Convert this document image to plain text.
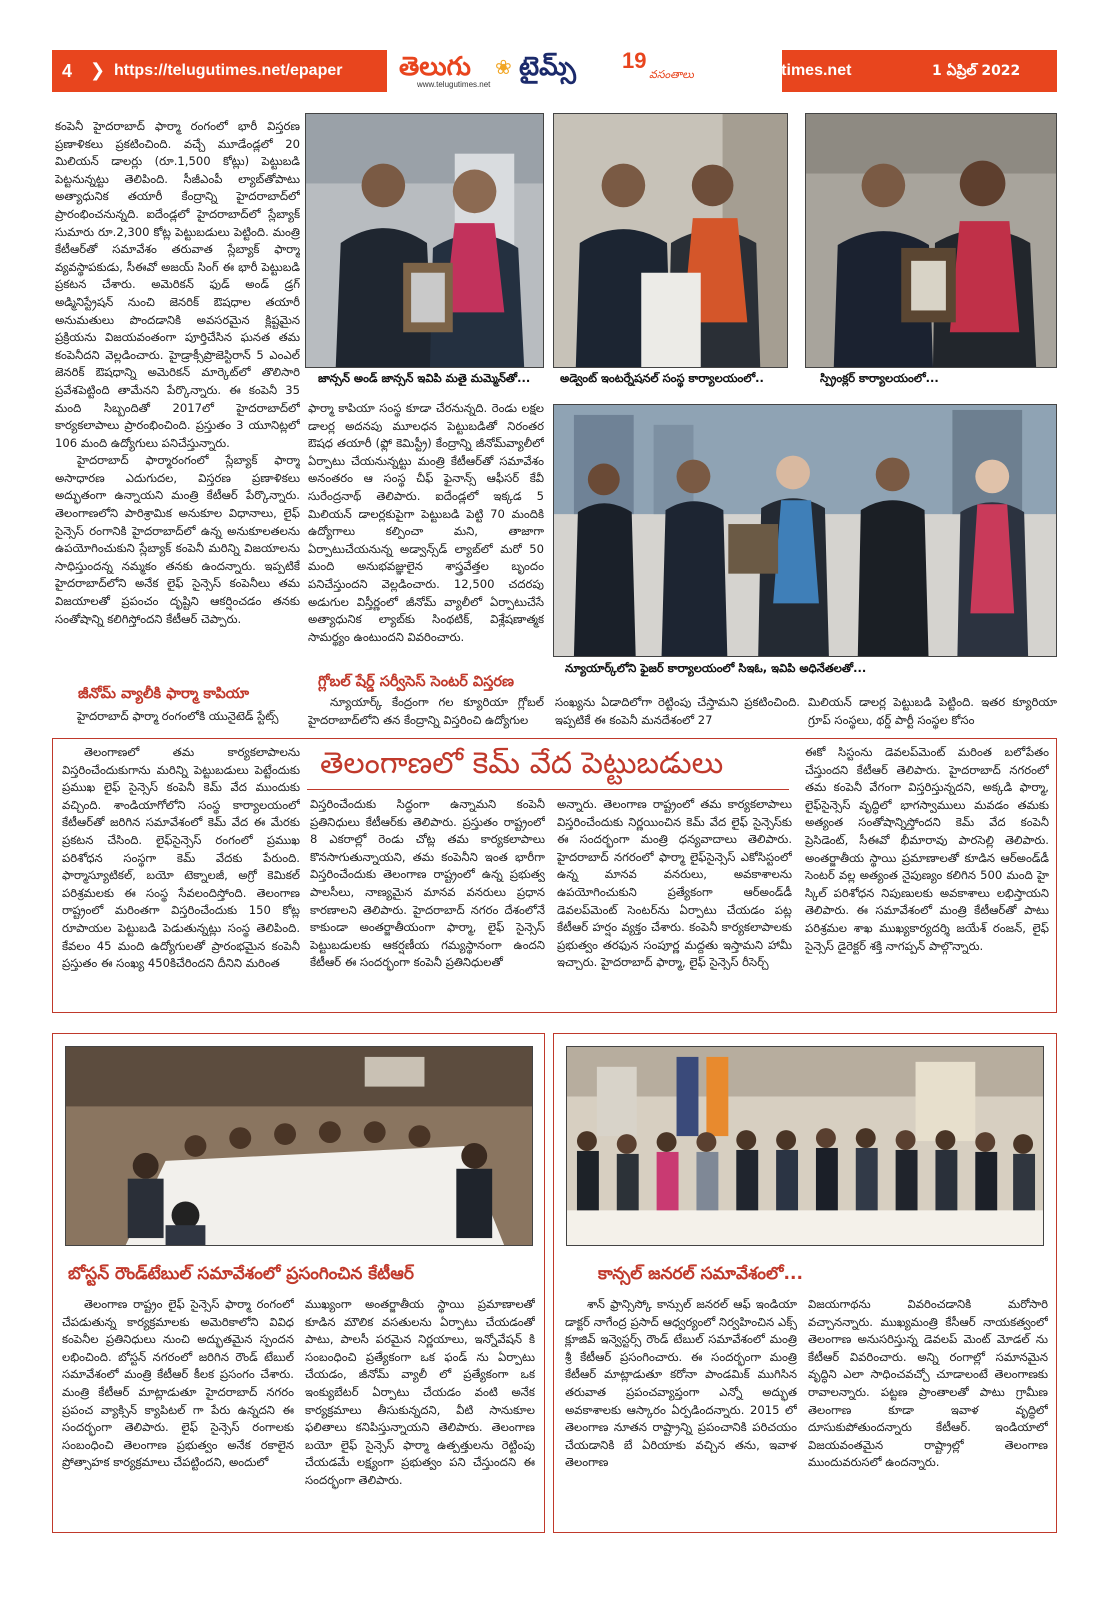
4 ❯ https://telugutimes.net/epaper తెలుగు ❀ టైమ్స్
www.telugutimes.net
19
వసంతాలు
www.telugutimes.net	1 ఏప్రిల్ 2022

కంపెనీ హైదరాబాద్ ఫార్మా రంగంలో భారీ విస్తరణ ప్రణాళికలు ప్రకటించింది. వచ్చే మూడేండ్లలో 20 మిలియన్ డాలర్లు (రూ.1,500 కోట్లు) పెట్టుబడి పెట్టనున్నట్టు తెలిపింది. సీజీఎంపీ ల్యాబ్‌తోపాటు అత్యాధునిక తయారీ కేంద్రాన్ని హైదరాబాద్‌లో ప్రారంభించనున్నది. ఐదేండ్లలో హైదరాబాద్‌లో స్లేబ్యాక్ సుమారు రూ.2,300 కోట్ల పెట్టుబడులు పెట్టింది. మంత్రి కేటీఆర్‌తో సమావేశం తరువాత స్లేబ్యాక్ ఫార్మా వ్యవస్థాపకుడు, సీఈవో అజయ్ సింగ్ ఈ భారీ పెట్టుబడి ప్రకటన చేశారు. అమెరికన్ ఫుడ్ అండ్ డ్రగ్ అడ్మినిస్ట్రేషన్ నుంచి జెనరిక్ ఔషధాల తయారీ అనుమతులు పొందడానికి అవసరమైన క్లిష్టమైన ప్రక్రియను విజయవంతంగా పూర్తిచేసిన ఘనత తమ కంపెనీదని వెల్లడించారు. హైడ్రాక్సీప్రొజెస్టిరాన్ 5 ఎంఎల్ జెనరిక్ ఔషధాన్ని అమెరికన్ మార్కెట్‌లో తొలిసారి ప్రవేశపెట్టింది తామేనని పేర్కొన్నారు. ఈ కంపెనీ 35 మంది సిబ్బందితో 2017లో హైదరాబాద్‌లో కార్యకలాపాలు ప్రారంభించింది. ప్రస్తుతం 3 యూనిట్లలో 106 మంది ఉద్యోగులు పనిచేస్తున్నారు.

హైదరాబాద్ ఫార్మారంగంలో స్లేబ్యాక్ ఫార్మా అసాధారణ ఎదుగుదల, విస్తరణ ప్రణాళికలు అద్భుతంగా ఉన్నాయని మంత్రి కేటీఆర్ పేర్కొన్నారు. తెలంగాణలోని పారిశ్రామిక అనుకూల విధానాలు, లైఫ్ సైన్సెస్ రంగానికి హైదరాబాద్‌లో ఉన్న అనుకూలతలను ఉపయోగించుకుని స్లేబ్యాక్ కంపెనీ మరిన్ని విజయాలను సాధిస్తుందన్న నమ్మకం తనకు ఉందన్నారు. ఇప్పటికే హైదరాబాద్‌లోని అనేక లైఫ్ సైన్సెస్ కంపెనీలు తమ విజయాలతో ప్రపంచం దృష్టిని ఆకర్షించడం తనకు సంతోషాన్ని కలిగిస్తోందని కేటీఆర్ చెప్పారు.

జీనోమ్ వ్యాలీకి ఫార్మా కాపియా
హైదరాబాద్ ఫార్మా రంగంలోకి యునైటెడ్ స్టేట్స్
జాన్సన్ అండ్ జాన్సన్ ఇవిపి మతై మమ్మెన్‌తో...	అడ్వెంట్ ఇంటర్నేషనల్ సంస్థ కార్యాలయంలో..	స్ప్రింక్లర్ కార్యాలయంలో...

ఫార్మా కాపియా సంస్థ కూడా చేరనున్నది. రెండు లక్షల డాలర్ల అదనపు మూలధన పెట్టుబడితో నిరంతర ఔషధ తయారీ (ఫ్లో కెమిస్ట్రీ) కేంద్రాన్ని జీనోమ్‌వ్యాలీలో ఏర్పాటు చేయనున్నట్టు మంత్రి కేటీఆర్‌తో సమావేశం అనంతరం ఆ సంస్థ చీఫ్ ఫైనాన్స్ ఆఫీసర్ కేవీ సురేంద్రనాథ్ తెలిపారు. ఐదేండ్లలో ఇక్కడ 5 మిలియన్ డాలర్లకుపైగా పెట్టుబడి పెట్టి 70 మందికి ఉద్యోగాలు కల్పించా మని, తాజాగా ఏర్పాటుచేయనున్న అడ్వాన్స్‌డ్ ల్యాబ్‌లో మరో 50 మంది అనుభవజ్ఞులైన శాస్త్రవేత్తల బృందం పనిచేస్తుందని వెల్లడించారు. 12,500 చదరపు అడుగుల విస్తీర్ణంలో జీనోమ్ వ్యాలీలో ఏర్పాటుచేసే అత్యాధునిక ల్యాబ్‌కు సింథటిక్, విశ్లేషణాత్మక సామర్థ్యం ఉంటుందని వివరించారు.

గ్లోబల్ షేర్డ్ సర్వీసెస్ సెంటర్ విస్తరణ
న్యూయార్క్ కేంద్రంగా గల క్యూరియా గ్లోబల్ హైదరాబాద్‌లోని తన కేంద్రాన్ని విస్తరించి ఉద్యోగుల
న్యూయార్క్‌లోని ఫైజర్ కార్యాలయంలో సిఇఓ, ఇవిపి అధినేతలతో...
సంఖ్యను ఏడాదిలోగా రెట్టింపు చేస్తామని ప్రకటించింది. ఇప్పటికే ఈ కంపెనీ మనదేశంలో 27
మిలియన్ డాలర్ల పెట్టుబడి పెట్టింది. ఇతర క్యూరియా గ్రూప్ సంస్థలు, థర్డ్ పార్టీ సంస్థల కోసం
తెలంగాణలో కెమ్ వేద పెట్టుబడులు

తెలంగాణలో తమ కార్యకలాపాలను విస్తరించేందుకుగాను మరిన్ని పెట్టుబడులు పెట్టేందుకు ప్రముఖ లైఫ్ సైన్సెస్ కంపెనీ కెమ్ వేద ముందుకు వచ్చింది. శాండియాగోలోని సంస్థ కార్యాలయంలో కేటీఆర్‌తో జరిగిన సమావేశంలో కెమ్ వేద ఈ మేరకు ప్రకటన చేసింది. లైఫ్‌సైన్సెస్ రంగంలో ప్రముఖ పరిశోధన సంస్థగా కెమ్ వేదకు పేరుంది. ఫార్మాస్యూటికల్, బయో టెక్నాలజీ, అగ్రో కెమికల్ పరిశ్రమలకు ఈ సంస్థ సేవలందిస్తోంది. తెలంగాణ రాష్ట్రంలో మరింతగా విస్తరించేందుకు 150 కోట్ల రూపాయల పెట్టుబడి పెడుతున్నట్లు సంస్థ తెలిపింది. కేవలం 45 మంది ఉద్యోగులతో ప్రారంభమైన కంపెనీ ప్రస్తుతం ఈ సంఖ్య 450కిచేరిందని దీనిని మరింత

విస్తరించేందుకు సిద్ధంగా ఉన్నామని కంపెనీ ప్రతినిధులు కేటీఆర్‌కు తెలిపారు. ప్రస్తుతం రాష్ట్రంలో 8 ఎకరాల్లో రెండు చోట్ల తమ కార్యకలాపాలు కొనసాగుతున్నాయని, తమ కంపెనీని ఇంత భారీగా విస్తరించేందుకు తెలంగాణ రాష్ట్రంలో ఉన్న ప్రభుత్వ పాలసీలు, నాణ్యమైన మానవ వనరులు ప్రధాన కారణాలని తెలిపారు. హైదరాబాద్ నగరం దేశంలోనే కాకుండా అంతర్జాతీయంగా ఫార్మా, లైఫ్ సైన్సెస్ పెట్టుబడులకు ఆకర్షణీయ గమ్యస్థానంగా ఉందని కేటీఆర్ ఈ సందర్భంగా కంపెనీ ప్రతినిధులతో

అన్నారు. తెలంగాణ రాష్ట్రంలో తమ కార్యకలాపాలు విస్తరించేందుకు నిర్ణయించిన కెమ్ వేద లైఫ్ సైన్సెస్‌కు ఈ సందర్భంగా మంత్రి ధన్యవాదాలు తెలిపారు. హైదరాబాద్ నగరంలో ఫార్మా లైఫ్‌సైన్సెస్ ఎకోసిస్టంలో ఉన్న మానవ వనరులు, అవకాశాలను ఉపయోగించుకుని ప్రత్యేకంగా ఆర్‌అండ్‌డీ డెవలప్‌మెంట్ సెంటర్‌ను ఏర్పాటు చేయడం పట్ల కేటీఆర్ హర్షం వ్యక్తం చేశారు. కంపెనీ కార్యకలాపాలకు ప్రభుత్వం తరఫున సంపూర్ణ మద్దతు ఇస్తామని హామీ ఇచ్చారు. హైదరాబాద్ ఫార్మా, లైఫ్ సైన్సెస్ రీసెర్చ్

ఈకో సిస్టంను డెవలప్‌మెంట్ మరింత బలోపేతం చేస్తుందని కేటీఆర్ తెలిపారు. హైదరాబాద్ నగరంలో తమ కంపెనీ వేగంగా విస్తరిస్తున్నదని, అక్కడి ఫార్మా, లైఫ్‌సైన్సెస్ వృద్ధిలో భాగస్వాములు మవడం తమకు అత్యంత సంతోషాన్నిస్తోందని కెమ్ వేద కంపెనీ ప్రెసిడెంట్, సీఈవో భీమారావు పారసెల్లి తెలిపారు. అంతర్జాతీయ స్థాయి ప్రమాణాలతో కూడిన ఆర్‌అండ్‌డీ సెంటర్ వల్ల అత్యంత నైపుణ్యం కలిగిన 500 మంది హై స్కిల్ పరిశోధన నిపుణులకు అవకాశాలు లభిస్తాయని తెలిపారు. ఈ సమావేశంలో మంత్రి కేటీఆర్‌తో పాటు పరిశ్రమల శాఖ ముఖ్యకార్యదర్శి జయేశ్ రంజన్, లైఫ్ సైన్సెస్ డైరెక్టర్ శక్తి నాగప్పన్ పాల్గొన్నారు.

బోస్టన్ రౌండ్‌టేబుల్ సమావేశంలో ప్రసంగించిన కేటీఆర్

తెలంగాణ రాష్ట్రం లైఫ్ సైన్సెస్ ఫార్మా రంగంలో చేపడుతున్న కార్యక్రమాలకు అమెరికాలోని వివిధ కంపెనీల ప్రతినిధులు నుంచి అద్భుతమైన స్పందన లభించింది. బోస్టన్ నగరంలో జరిగిన రౌండ్ టేబుల్ సమావేశంలో మంత్రి కేటీఆర్ కీలక ప్రసంగం చేశారు. మంత్రి కేటీఆర్ మాట్లాడుతూ హైదరాబాద్ నగరం ప్రపంచ వ్యాక్సిన్ క్యాపిటల్ గా పేరు ఉన్నదని ఈ సందర్భంగా తెలిపారు. లైఫ్ సైన్సెస్ రంగాలకు సంబంధించి తెలంగాణ ప్రభుత్వం అనేక రకాలైన ప్రోత్సాహక కార్యక్రమాలు చేపట్టిందని, అందులో

ముఖ్యంగా అంతర్జాతీయ స్థాయి ప్రమాణాలతో కూడిన మౌలిక వసతులను ఏర్పాటు చేయడంతో పాటు, పాలసీ పరమైన నిర్ణయాలు, ఇన్నోవేషన్ కి సంబంధించి ప్రత్యేకంగా ఒక ఫండ్ ను ఏర్పాటు చేయడం, జీనోమ్ వ్యాలీ లో ప్రత్యేకంగా ఒక ఇంక్యుబేటర్ ఏర్పాటు చేయడం వంటి అనేక కార్యక్రమాలు తీసుకున్నదని, వీటి సానుకూల ఫలితాలు కనిపిస్తున్నాయని తెలిపారు. తెలంగాణ బయో లైఫ్ సైన్సెస్ ఫార్మా ఉత్పత్తులను రెట్టింపు చేయడమే లక్ష్యంగా ప్రభుత్వం పని చేస్తుందని ఈ సందర్భంగా తెలిపారు.

కాన్సల్ జనరల్ సమావేశంలో...

శాన్ ఫ్రాన్సిస్కో కాన్సుల్ జనరల్ ఆఫ్ ఇండియా డాక్టర్ నాగేంద్ర ప్రసాద్ ఆధ్వర్యంలో నిర్వహించిన ఎక్స్ క్లూజివ్ ఇన్వెస్టర్స్ రౌండ్ టేబుల్ సమావేశంలో మంత్రి శ్రీ కేటీఆర్ ప్రసంగించారు. ఈ సందర్భంగా మంత్రి కేటీఆర్ మాట్లాడుతూ కరోనా పాండమిక్ ముగిసిన తరువాత ప్రపంచవ్యాప్తంగా ఎన్నో అద్భుత అవకాశాలకు ఆస్కారం ఏర్పడిందన్నారు. 2015 లో తెలంగాణ నూతన రాష్ట్రాన్ని ప్రపంచానికి పరిచయం చేయడానికి బే ఏరియాకు వచ్చిన తను, ఇవాళ తెలంగాణ

విజయగాథను వివరించడానికి మరోసారి వచ్చానన్నారు. ముఖ్యమంత్రి కేసీఆర్ నాయకత్వంలో తెలంగాణ అనుసరిస్తున్న డెవలప్ మెంట్ మోడల్ ను కేటీఆర్ వివరించారు. అన్ని రంగాల్లో సమానమైన వృద్ధిని ఎలా సాధించవచ్చో చూడాలంటే తెలంగాణకు రావాలన్నారు. పట్టణ ప్రాంతాలతో పాటు గ్రామీణ తెలంగాణ కూడా ఇవాళ వృద్ధిలో దూసుకుపోతుందన్నారు కేటీఆర్. ఇండియాలో విజయవంతమైన రాష్ట్రాల్లో తెలంగాణ ముందువరుసలో ఉందన్నారు.
